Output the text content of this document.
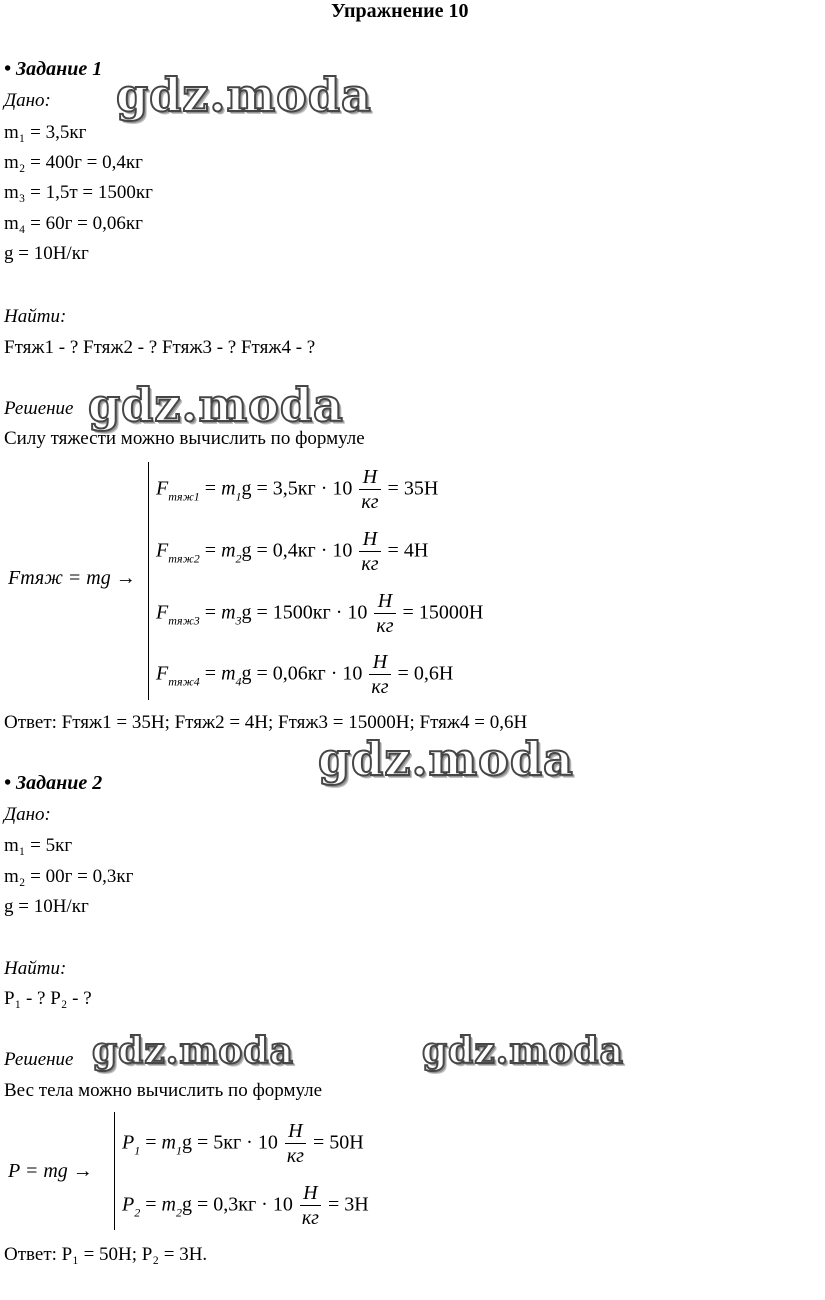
Упражнение 10
• Задание 1
Дано: gdz.moda
m₁ = 3,5кг
m₂ = 400г = 0,4кг
m₃ = 1,5т = 1500кг
m₄ = 60г = 0,06кг
g = 10Н/кг
Найти:
Fтяж1 - ? Fтяж2 - ? Fтяж3 - ? Fтяж4 - ?
Решение gdz.moda
Силу тяжести можно вычислить по формуле
Fтяж = mg →
$F_{тяж1} = m_1g = 3,5кг \cdot 10 \frac{Н}{кг} = 35Н$
$F_{тяж2} = m_2g = 0,4кг \cdot 10 \frac{Н}{кг} = 4Н$
$F_{тяж3} = m_3g = 1500кг \cdot 10 \frac{Н}{кг} = 15000Н$
$F_{тяж4} = m_4g = 0,06кг \cdot 10 \frac{Н}{кг} = 0,6Н$
Ответ: Fтяж1 = 35Н; Fтяж2 = 4Н; Fтяж3 = 15000Н; Fтяж4 = 0,6Н
gdz.moda
• Задание 2
Дано:
m₁ = 5кг
m₂ = 00г = 0,3кг
g = 10Н/кг
Найти:
P₁ - ? P₂ - ?
Решение gdz.moda	gdz.moda
Вес тела можно вычислить по формуле
P = mg →
$P_1 = m_1g = 5кг \cdot 10 \frac{Н}{кг} = 50Н$
$P_2 = m_2g = 0,3кг \cdot 10 \frac{Н}{кг} = 3Н$
Ответ: P₁ = 50Н; P₂ = 3Н.
